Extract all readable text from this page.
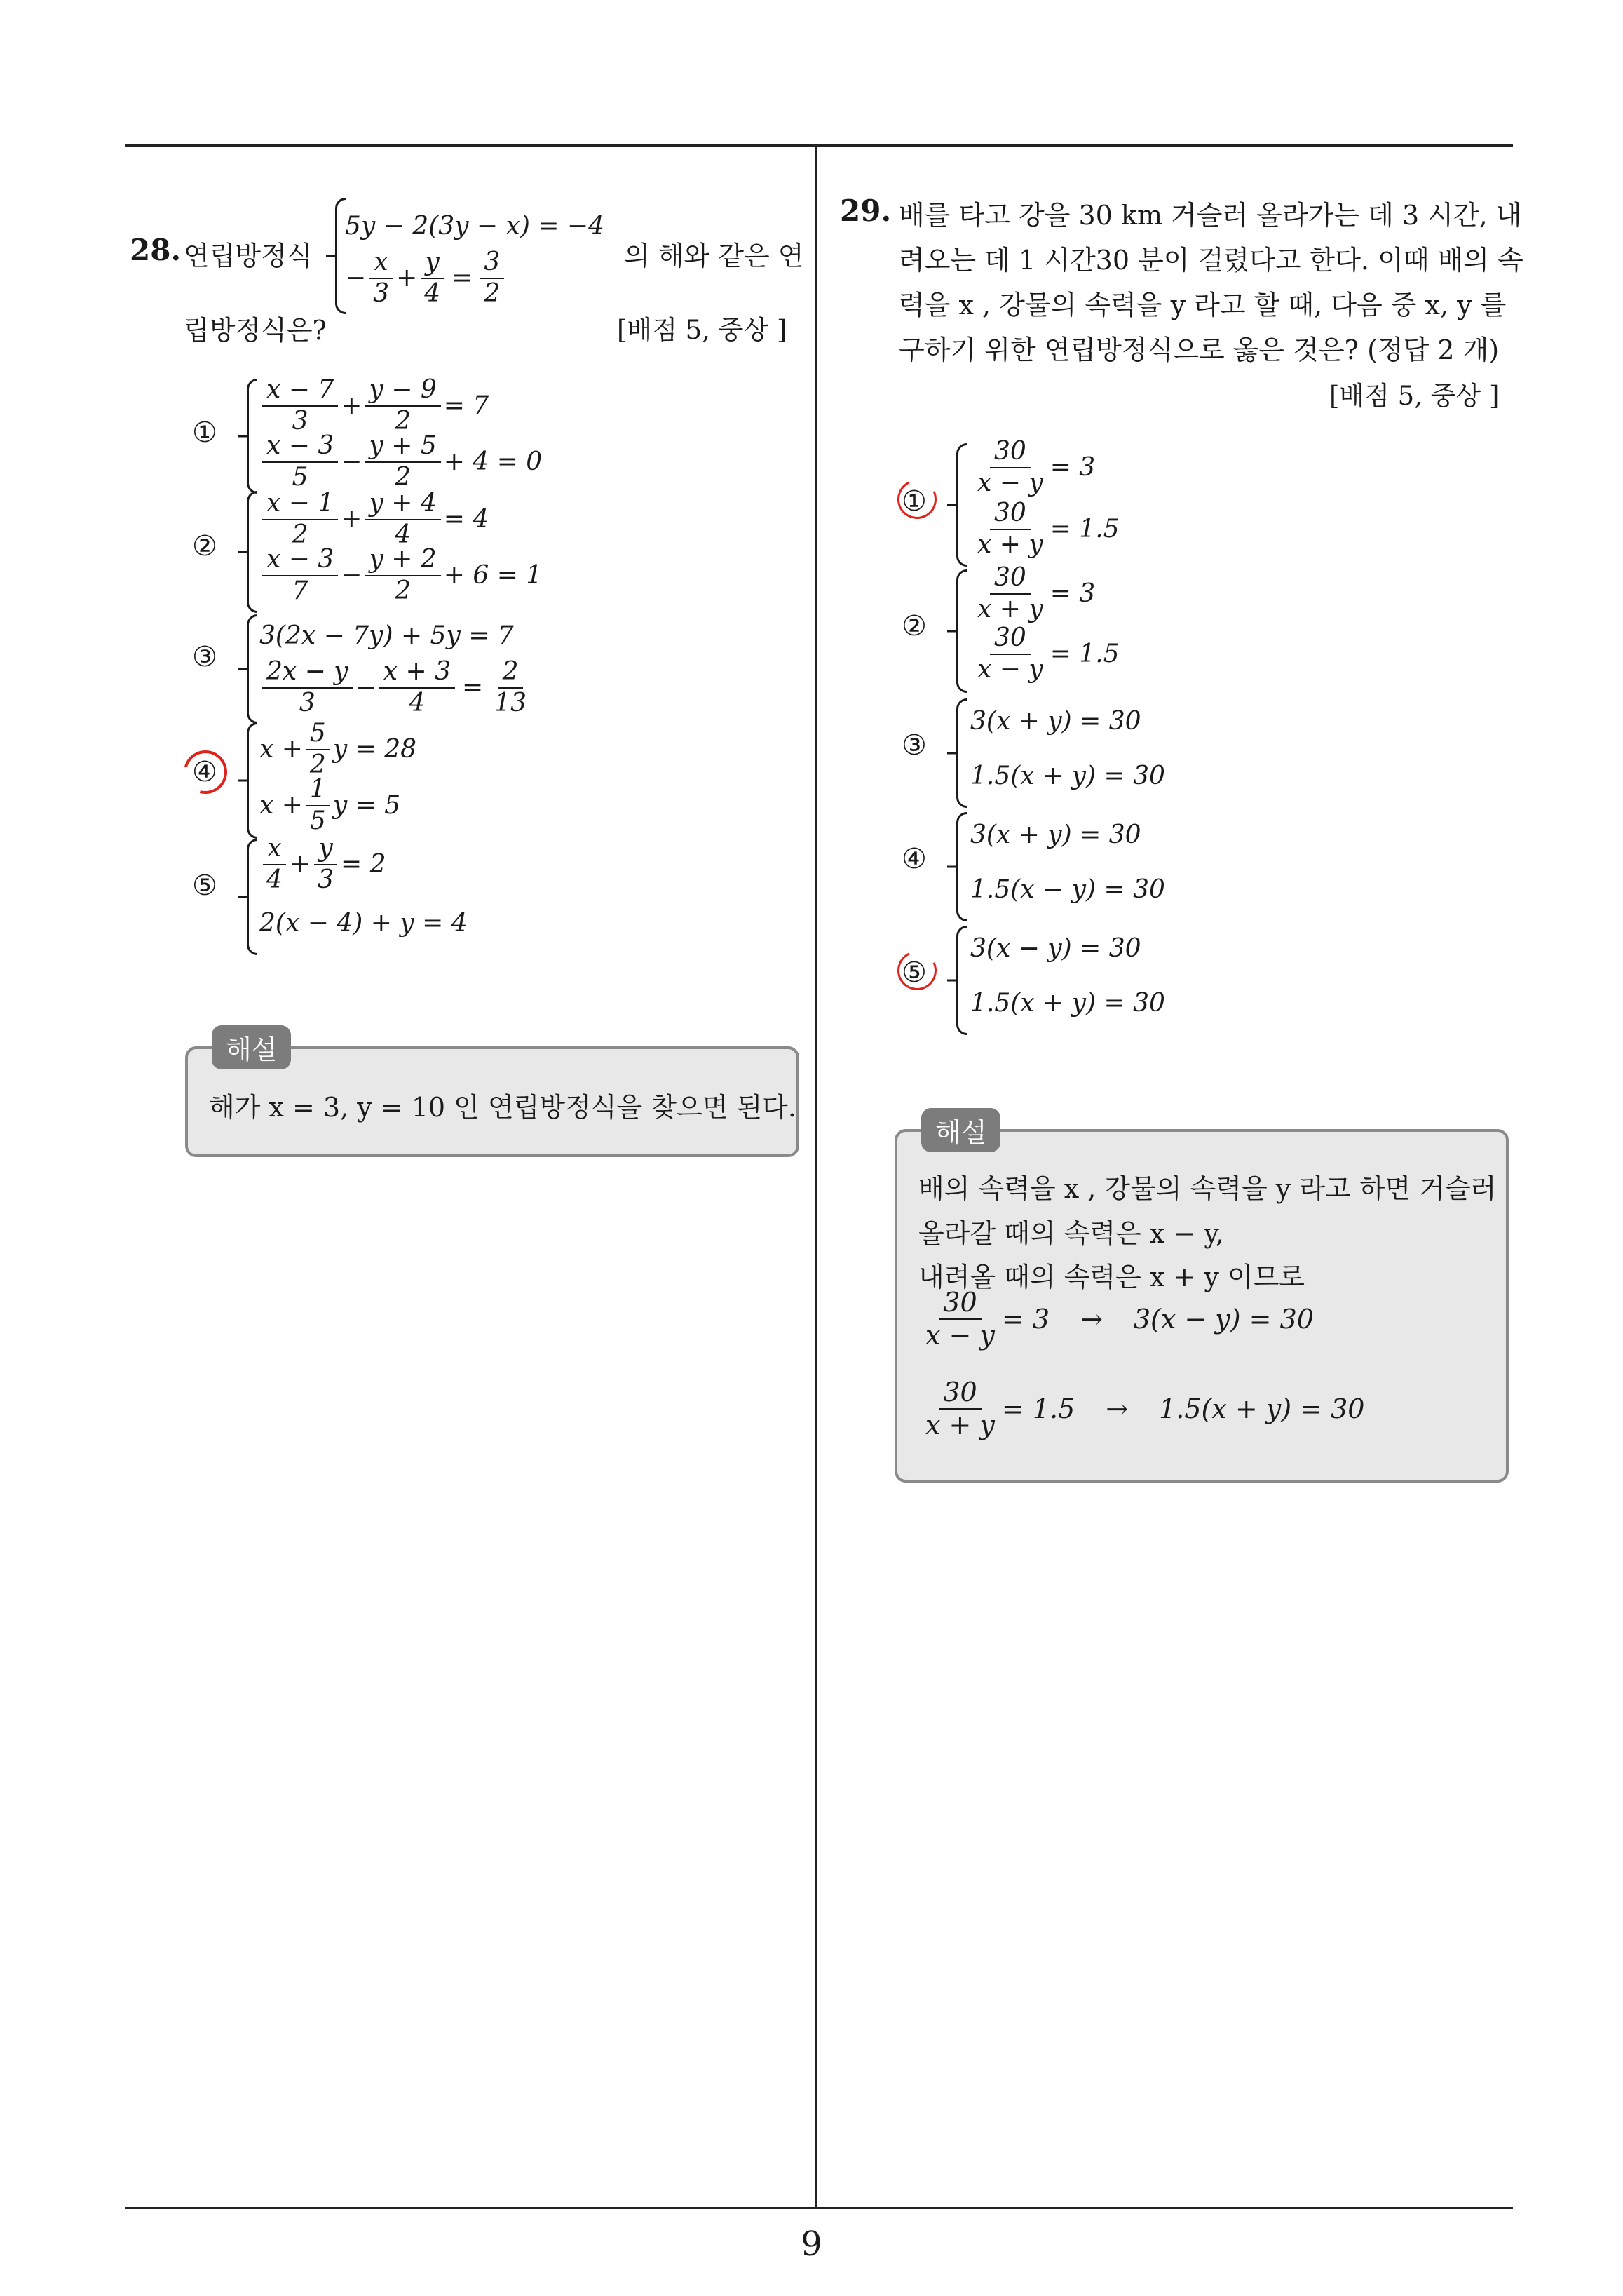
28. 연립방정식
5y − 2(3y − x) = −4
− $\frac{x}{3} + \frac{y}{4} = \frac{3}{2}$	의 해와 같은 연
립방정식은?	[배점 5, 중상 ]
① $\frac{x - 7}{3} + \frac{y - 9}{2} = 7$
$\frac{x - 3}{5} - \frac{y + 5}{2} + 4 = 0$
② $\frac{x - 1}{2} + \frac{y + 4}{4} = 4$
$\frac{x - 3}{7} - \frac{y + 2}{2} + 6 = 1$
③
3(2x − 7y) + 5y = 7
$\frac{2x - y}{3} - \frac{x + 3}{4} = \frac{2}{13}$
④
$x + \frac{5}{2}$ y = 28
$x + \frac{1}{5}$ y = 5
⑤ $\frac{x}{4} + \frac{y}{3} = 2$
2(x − 4) + y = 4
해설
해가 x = 3, y = 10 인 연립방정식을 찾으면 된다.
29. 배를 타고 강을 30 km 거슬러 올라가는 데 3 시간, 내
려오는 데 1 시간30 분이 걸렸다고 한다. 이때 배의 속
력을 x , 강물의 속력을 y 라고 할 때, 다음 중 x, y 를
구하기 위한 연립방정식으로 옳은 것은? (정답 2 개)
[배점 5, 중상 ]
①
$\frac{30}{x - y} = 3$
$\frac{30}{x + y} = 1.5$
②
$\frac{30}{x + y} = 3$
$\frac{30}{x - y} = 1.5$
③
3(x + y) = 30
1.5(x + y) = 30
④
3(x + y) = 30
1.5(x − y) = 30
⑤
3(x − y) = 30
1.5(x + y) = 30
해설
배의 속력을 x , 강물의 속력을 y 라고 하면 거슬러
올라갈 때의 속력은 x − y,
내려올 때의 속력은 x + y 이므로
$\frac{30}{x - y} = 3 \to 3(x - y) = 30$
$\frac{30}{x + y} = 1.5 \to 1.5(x + y) = 30$
9
